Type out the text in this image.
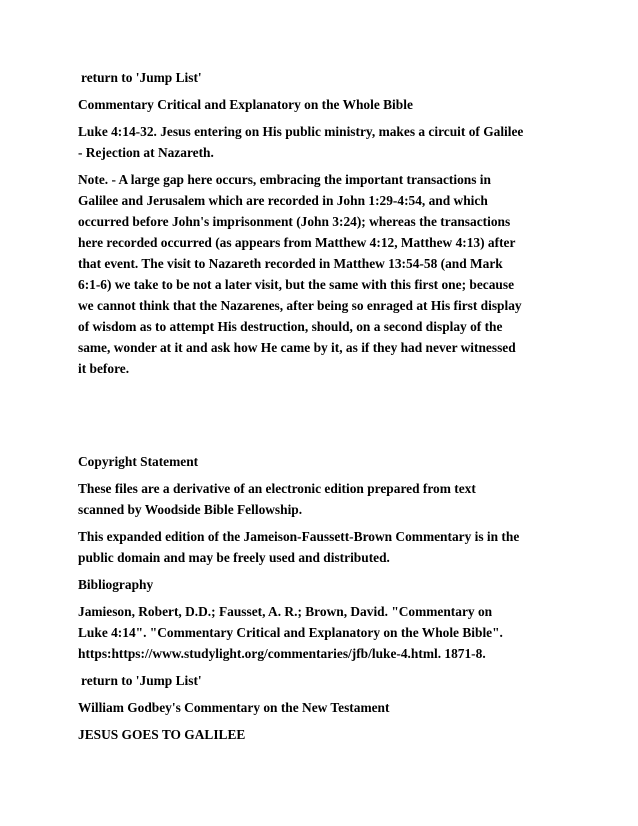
return to 'Jump List'
Commentary Critical and Explanatory on the Whole Bible
Luke 4:14-32. Jesus entering on His public ministry, makes a circuit of Galilee
- Rejection at Nazareth.
Note. - A large gap here occurs, embracing the important transactions in
Galilee and Jerusalem which are recorded in John 1:29-4:54, and which
occurred before John's imprisonment (John 3:24); whereas the transactions
here recorded occurred (as appears from Matthew 4:12, Matthew 4:13) after
that event. The visit to Nazareth recorded in Matthew 13:54-58 (and Mark
6:1-6) we take to be not a later visit, but the same with this first one; because
we cannot think that the Nazarenes, after being so enraged at His first display
of wisdom as to attempt His destruction, should, on a second display of the
same, wonder at it and ask how He came by it, as if they had never witnessed
it before.
Copyright Statement
These files are a derivative of an electronic edition prepared from text
scanned by Woodside Bible Fellowship.
This expanded edition of the Jameison-Faussett-Brown Commentary is in the
public domain and may be freely used and distributed.
Bibliography
Jamieson, Robert, D.D.; Fausset, A. R.; Brown, David. "Commentary on
Luke 4:14". "Commentary Critical and Explanatory on the Whole Bible".
https:https://www.studylight.org/commentaries/jfb/luke-4.html. 1871-8.
return to 'Jump List'
William Godbey's Commentary on the New Testament
JESUS GOES TO GALILEE
